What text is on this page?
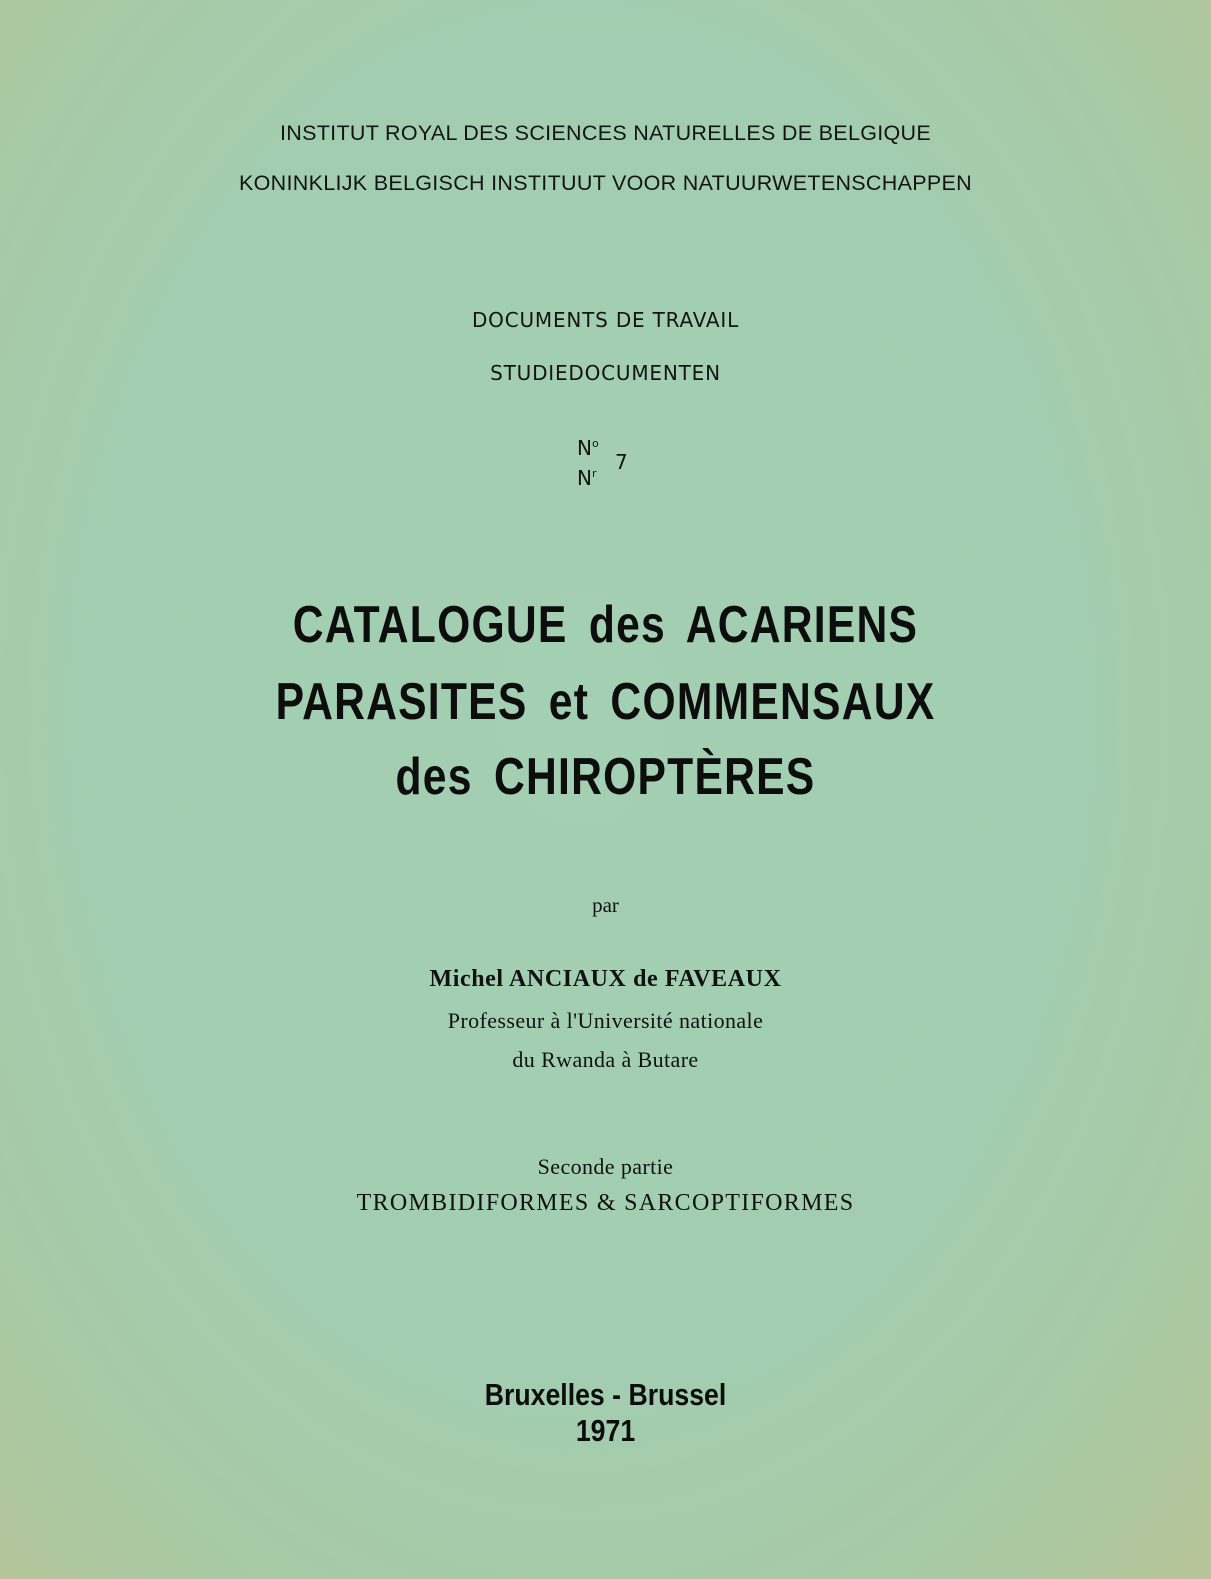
INSTITUT ROYAL DES SCIENCES NATURELLES DE BELGIQUE
KONINKLIJK BELGISCH INSTITUUT VOOR NATUURWETENSCHAPPEN
DOCUMENTS DE TRAVAIL
STUDIEDOCUMENTEN
$N^o$
$N^r$ 7
CATALOGUE des ACARIENS
PARASITES et COMMENSAUX
des CHIROPTÈRES
par
Michel ANCIAUX de FAVEAUX
Professeur à l'Université nationale
du Rwanda à Butare
Seconde partie
TROMBIDIFORMES & SARCOPTIFORMES
Bruxelles - Brussel
1971
